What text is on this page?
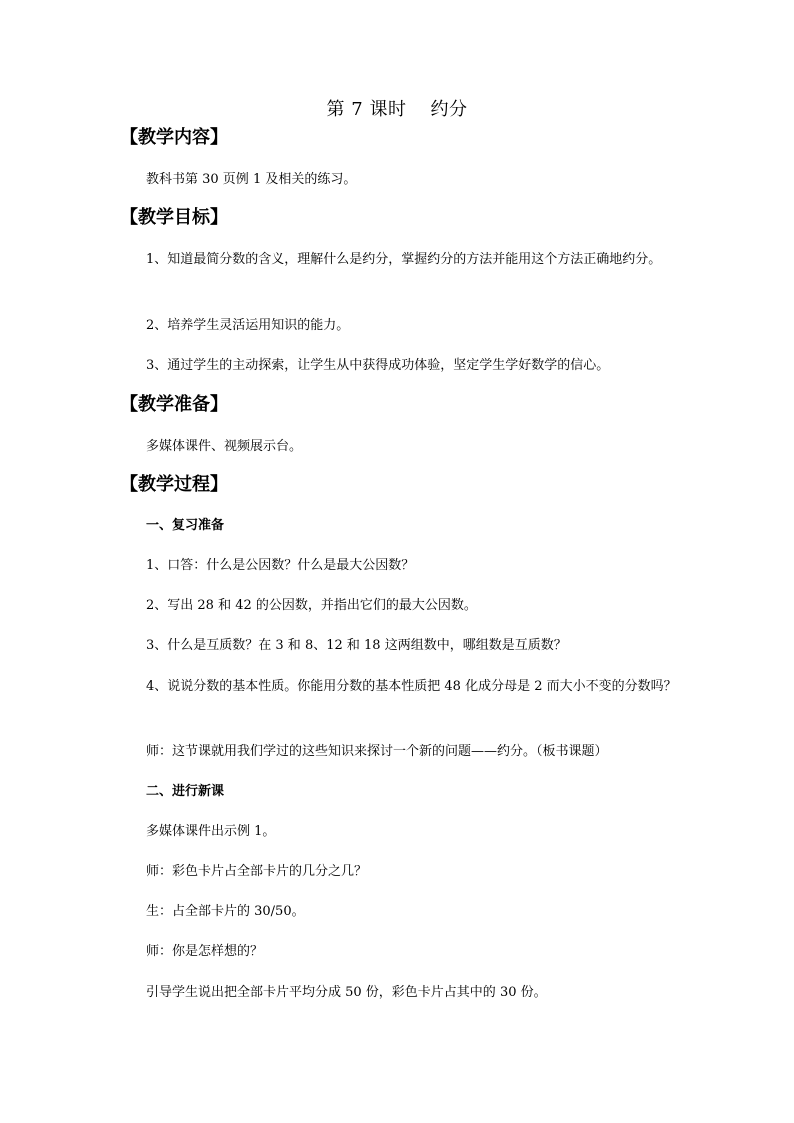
第 7 课时 约分
【教学内容】
教科书第 30 页例 1 及相关的练习。
【教学目标】
1、知道最简分数的含义，理解什么是约分，掌握约分的方法并能用这个方法正确地约分。
2、培养学生灵活运用知识的能力。
3、通过学生的主动探索，让学生从中获得成功体验，坚定学生学好数学的信心。
【教学准备】
多媒体课件、视频展示台。
【教学过程】
一、复习准备
1、口答：什么是公因数？什么是最大公因数？
2、写出 28 和 42 的公因数，并指出它们的最大公因数。
3、什么是互质数？在 3 和 8、12 和 18 这两组数中，哪组数是互质数？
4、说说分数的基本性质。你能用分数的基本性质把 48 化成分母是 2 而大小不变的分数吗？
师：这节课就用我们学过的这些知识来探讨一个新的问题——约分。（板书课题）
二、进行新课
多媒体课件出示例 1。
师：彩色卡片占全部卡片的几分之几？
生：占全部卡片的 30/50。
师：你是怎样想的？
引导学生说出把全部卡片平均分成 50 份，彩色卡片占其中的 30 份。
